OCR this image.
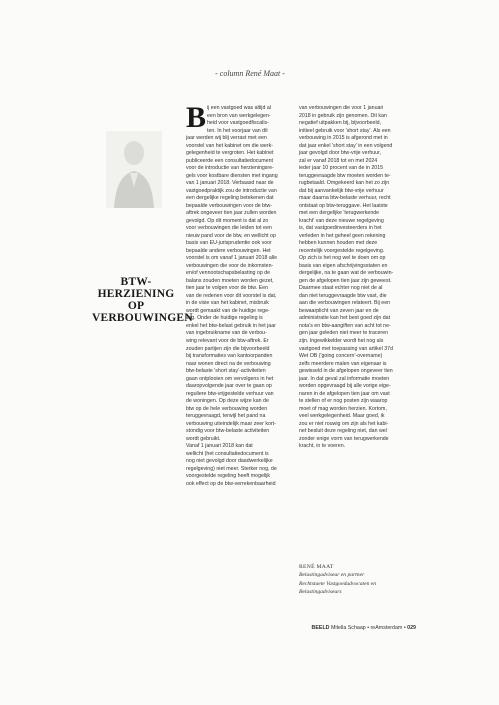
- column René Maat -
BTW-
HERZIENING
OP
VERBOUWINGEN
B ij een vastgoed was altijd al
een bron van werkgelegen-
heid voor vastgoedfiscalis-
ten. In het voorjaar van dit
jaar werden wij blij verrast met een
voorstel van het kabinet om die werk-
gelegenheid te vergroten. Het kabinet
publiceerde een consultatiedocument
voor de introductie van herzieningsre-
gels voor kostbare diensten met ingang
van 1 januari 2018. Verbaasd naar de
vastgoedpraktijk zou de introductie van
een dergelijke regeling betekenen dat
bepaalde verbouwingen voor de btw-
aftrek ongeveer tien jaar zullen worden
gevolgd. Op dit moment is dat al zo
voor verbouwingen die leiden tot een
nieuw pand voor de btw, en wellicht op
basis van EU-jurisprudentie ook voor
bepaalde andere verbouwingen. Het
voorstel is om vanaf 1 januari 2018 alle
verbouwingen die voor de inkomsten-
en/of vennootschapsbelasting op de
balans zouden moeten worden gezet,
tien jaar te volgen voor de btw. Een
van de redenen voor dit voorstel is dat,
in de visie van het kabinet, misbruik
wordt gemaakt van de huidige rege-
ling. Onder de huidige regeling is
enkel het btw-belast gebruik in het jaar
van ingebruikname van de verbou-
wing relevant voor de btw-aftrek. Er
zouden partijen zijn die bijvoorbeeld
bij transformaties van kantoorpanden
naar wonen direct na de verbouwing
btw-belaste 'short stay'-activiteiten
gaan ontplooien om vervolgens in het
daaropvolgende jaar over te gaan op
reguliere btw-vrijgestelde verhuur van
de woningen. Op deze wijze kan de
btw op de hele verbouwing worden
teruggevraagd, terwijl het pand na
verbouwing uiteindelijk maar zeer kort-
stondig voor btw-belaste activiteiten
wordt gebruikt.
Vanaf 1 januari 2018 kan dat
wellicht (het consultatiedocument is
nog niet gevolgd door daadwerkelijke
regelgeving) niet meer. Sterker nog, de
voorgestelde regeling heeft mogelijk
ook effect op de btw-verrekenbaarheid
van verbouwingen die voor 1 januari
2018 in gebruik zijn genomen. Dit kan
negatief uitpakken bij, bijvoorbeeld,
initieel gebruik voor 'short stay'. Als een
verbouwing in 2015 is afgerond met in
dat jaar enkel 'short stay' in een volgend
jaar gevolgd door btw-vrije verhuur,
zal er vanaf 2018 tot en met 2024
ieder jaar 10 procent van de in 2015
teruggevraagde btw moeten worden te-
rugbetaald. Omgekeerd kan het zo zijn
dat bij aanvankelijk btw-vrije verhuur
maar daarna btw-belaste verhuur, recht
ontstaat op btw-teruggave. Het laatste
met een dergelijke 'terugwerkende
kracht' van deze nieuwe regelgeving
is, dat vastgoedinvesteerders in het
verleden in het geheel geen rekening
hebben kunnen houden met deze
recentelijk voorgestelde regelgeving.
Op zich is het nog wel te doen om op
basis van eigen afschrijvingsstaten en
dergelijke, na te gaan wat de verbouwin-
gen de afgelopen tien jaar zijn geweest.
Daarmee staat echter nog niet de al
dan niet teruggevraagde btw vast, die
aan die verbouwingen relateert. Bij een
bewaarplicht van zeven jaar en de
administratie kan het best goed zijn dat
nota's en btw-aangiften van acht tot ne-
gen jaar geleden niet meer te traceren
zijn. Ingewikkelder wordt het nog als
vastgoed met toepassing van artikel 37d
Wet OB ('going concern'-overname)
zelfs meerdere malen van eigenaar is
gewisseld in de afgelopen ongeveer tien
jaar. In dat geval zal informatie moeten
worden opgevraagd bij alle vorige eige-
naren in de afgelopen tien jaar om vast
te stellen of er nog posten zijn waarop
moet of mag worden herzien. Kortom,
veel werkgelegenheid. Maar goed, ik
zou er niet rouwig om zijn als het kabi-
net besluit deze regeling niet, dan wel
zonder enige vorm van terugwerkende
kracht, in te voeren.
RENÉ MAAT
Belastingadviseur en partner
Rechtstaete Vastgoedadvocaten en
Belastingadviseurs
BEELD Mitella Schaap • reAmsterdam • 029
